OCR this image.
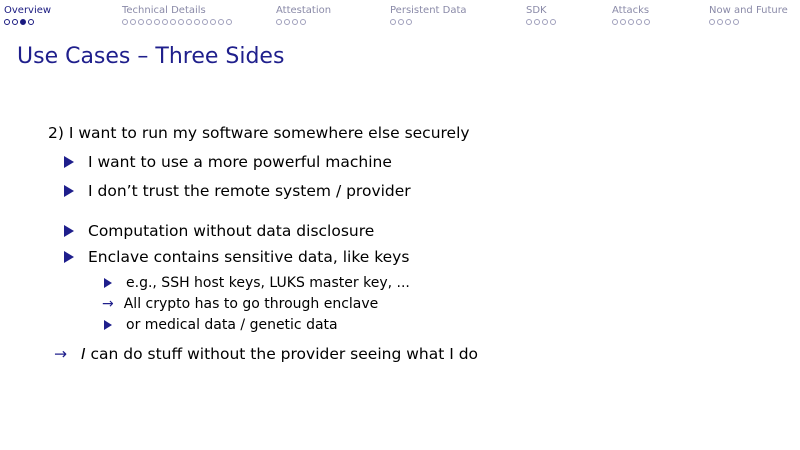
Overview	Technical Details	Attestation	Persistent Data	SDK	Attacks	Now and Future
Use Cases – Three Sides
2) I want to run my software somewhere else securely
I want to use a more powerful machine
I don’t trust the remote system / provider
Computation without data disclosure
Enclave contains sensitive data, like keys
e.g., SSH host keys, LUKS master key, ...
→ All crypto has to go through enclave
or medical data / genetic data
→ I can do stuff without the provider seeing what I do
